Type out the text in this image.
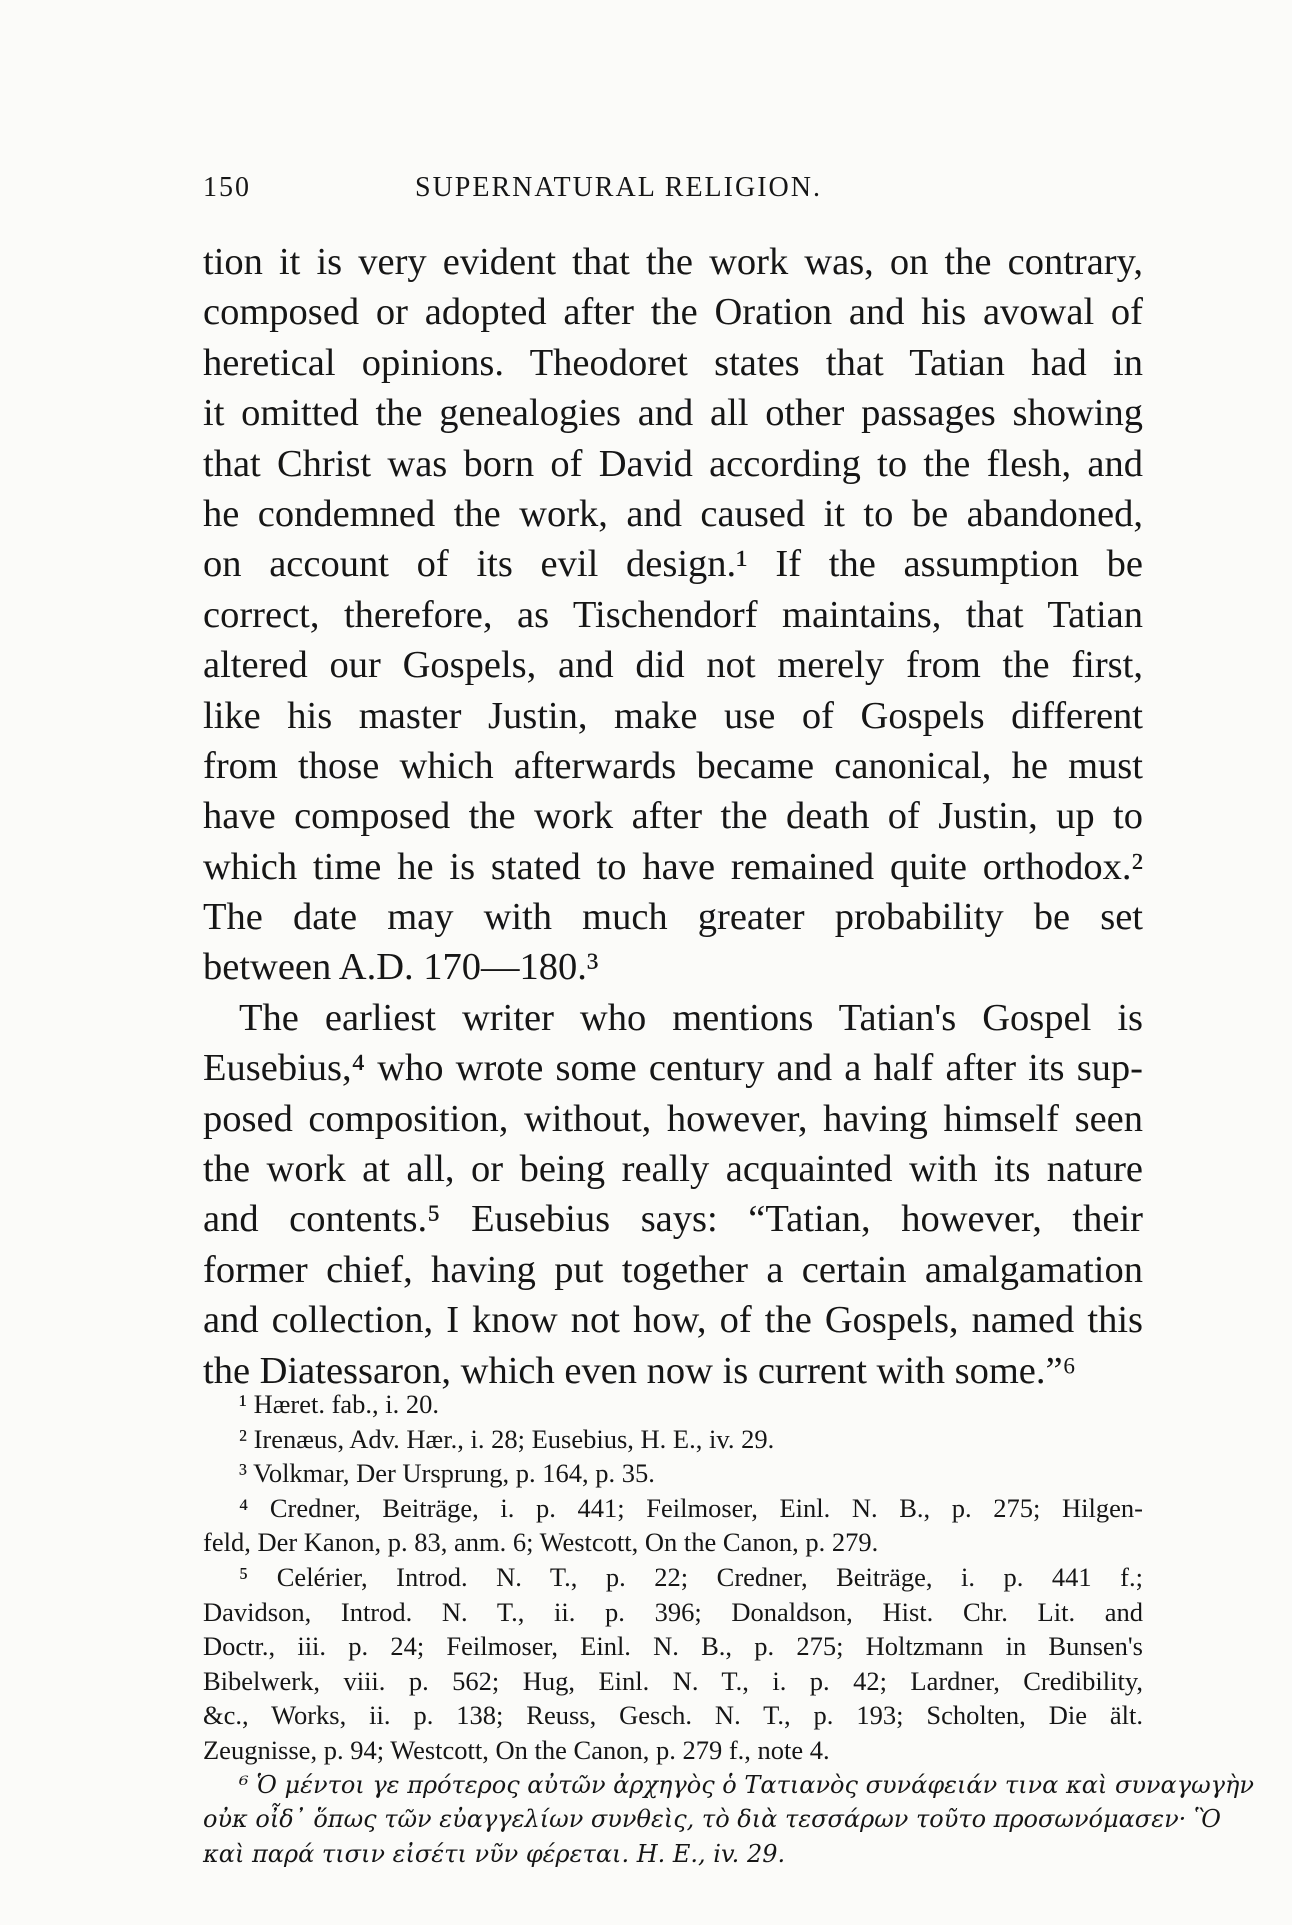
150	SUPERNATURAL RELIGION.
tion it is very evident that the work was, on the contrary,
composed or adopted after the Oration and his avowal of
heretical opinions. Theodoret states that Tatian had in
it omitted the genealogies and all other passages showing
that Christ was born of David according to the flesh, and
he condemned the work, and caused it to be abandoned,
on account of its evil design.¹ If the assumption be
correct, therefore, as Tischendorf maintains, that Tatian
altered our Gospels, and did not merely from the first,
like his master Justin, make use of Gospels different
from those which afterwards became canonical, he must
have composed the work after the death of Justin, up to
which time he is stated to have remained quite orthodox.²
The date may with much greater probability be set
between A.D. 170—180.³
The earliest writer who mentions Tatian's Gospel is
Eusebius,⁴ who wrote some century and a half after its sup-
posed composition, without, however, having himself seen
the work at all, or being really acquainted with its nature
and contents.⁵ Eusebius says: “Tatian, however, their
former chief, having put together a certain amalgamation
and collection, I know not how, of the Gospels, named this
the Diatessaron, which even now is current with some.”⁶
¹ Hæret. fab., i. 20.
² Irenæus, Adv. Hær., i. 28; Eusebius, H. E., iv. 29.
³ Volkmar, Der Ursprung, p. 164, p. 35.
⁴ Credner, Beiträge, i. p. 441; Feilmoser, Einl. N. B., p. 275; Hilgen-
feld, Der Kanon, p. 83, anm. 6; Westcott, On the Canon, p. 279.
⁵ Celérier, Introd. N. T., p. 22; Credner, Beiträge, i. p. 441 f.;
Davidson, Introd. N. T., ii. p. 396; Donaldson, Hist. Chr. Lit. and
Doctr., iii. p. 24; Feilmoser, Einl. N. B., p. 275; Holtzmann in Bunsen's
Bibelwerk, viii. p. 562; Hug, Einl. N. T., i. p. 42; Lardner, Credibility,
&c., Works, ii. p. 138; Reuss, Gesch. N. T., p. 193; Scholten, Die ält.
Zeugnisse, p. 94; Westcott, On the Canon, p. 279 f., note 4.
⁶ Ὁ μέντοι γε πρότερος αὐτῶν ἀρχηγὸς ὁ Τατιανὸς συνάφειάν τινα καὶ συναγωγὴν
οὐκ οἶδ᾽ ὅπως τῶν εὐαγγελίων συνθεὶς, τὸ διὰ τεσσάρων τοῦτο προσωνόμασεν· Ὃ
καὶ παρά τισιν εἰσέτι νῦν φέρεται. H. E., iv. 29.
